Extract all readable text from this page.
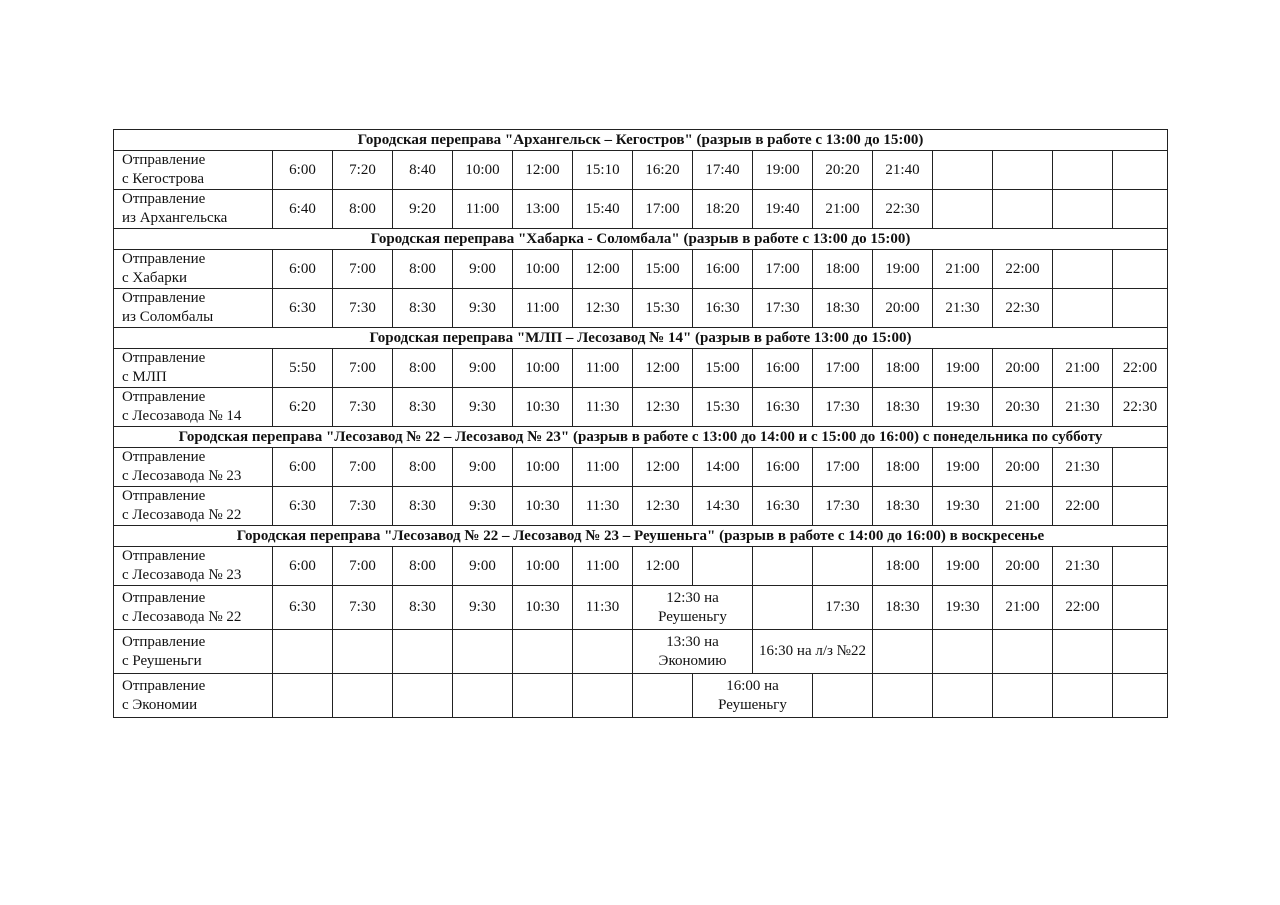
Городская переправа "Архангельск – Кегостров" (разрыв в работе с 13:00 до 15:00)															

Отправление
с Кегострова	6:00	7:20	8:40	10:00	12:00	15:10	16:20	17:40	19:00	20:20	21:40				

Отправление
из Архангельска	6:40	8:00	9:20	11:00	13:00	15:40	17:00	18:20	19:40	21:00	22:30				
Городская переправа "Хабарка - Соломбала" (разрыв в работе с 13:00 до 15:00)															

Отправление
с Хабарки	6:00	7:00	8:00	9:00	10:00	12:00	15:00	16:00	17:00	18:00	19:00	21:00	22:00		

Отправление
из Соломбалы	6:30	7:30	8:30	9:30	11:00	12:30	15:30	16:30	17:30	18:30	20:00	21:30	22:30		
Городская переправа "МЛП – Лесозавод № 14" (разрыв в работе 13:00 до 15:00)															

Отправление
с МЛП	5:50	7:00	8:00	9:00	10:00	11:00	12:00	15:00	16:00	17:00	18:00	19:00	20:00	21:00	22:00

Отправление
с Лесозавода № 14	6:20	7:30	8:30	9:30	10:30	11:30	12:30	15:30	16:30	17:30	18:30	19:30	20:30	21:30	22:30
Городская переправа "Лесозавод № 22 – Лесозавод № 23" (разрыв в работе с 13:00 до 14:00 и с 15:00 до 16:00) с понедельника по субботу															

Отправление
с Лесозавода № 23	6:00	7:00	8:00	9:00	10:00	11:00	12:00	14:00	16:00	17:00	18:00	19:00	20:00	21:30	

Отправление
с Лесозавода № 22	6:30	7:30	8:30	9:30	10:30	11:30	12:30	14:30	16:30	17:30	18:30	19:30	21:00	22:00	
Городская переправа "Лесозавод № 22 – Лесозавод № 23 – Реушеньга" (разрыв в работе с 14:00 до 16:00) в воскресенье															

Отправление
с Лесозавода № 23	6:00	7:00	8:00	9:00	10:00	11:00	12:00				18:00	19:00	20:00	21:30	

Отправление
с Лесозавода № 22	6:30	7:30	8:30	9:30	10:30	11:30	12:30 на Реушеньгу			17:30	18:30	19:30	21:00	22:00	

Отправление
с Реушеньги							13:30 на Экономию		16:30 на л/з №22						

Отправление
с Экономии								16:00 на Реушеньгу							
